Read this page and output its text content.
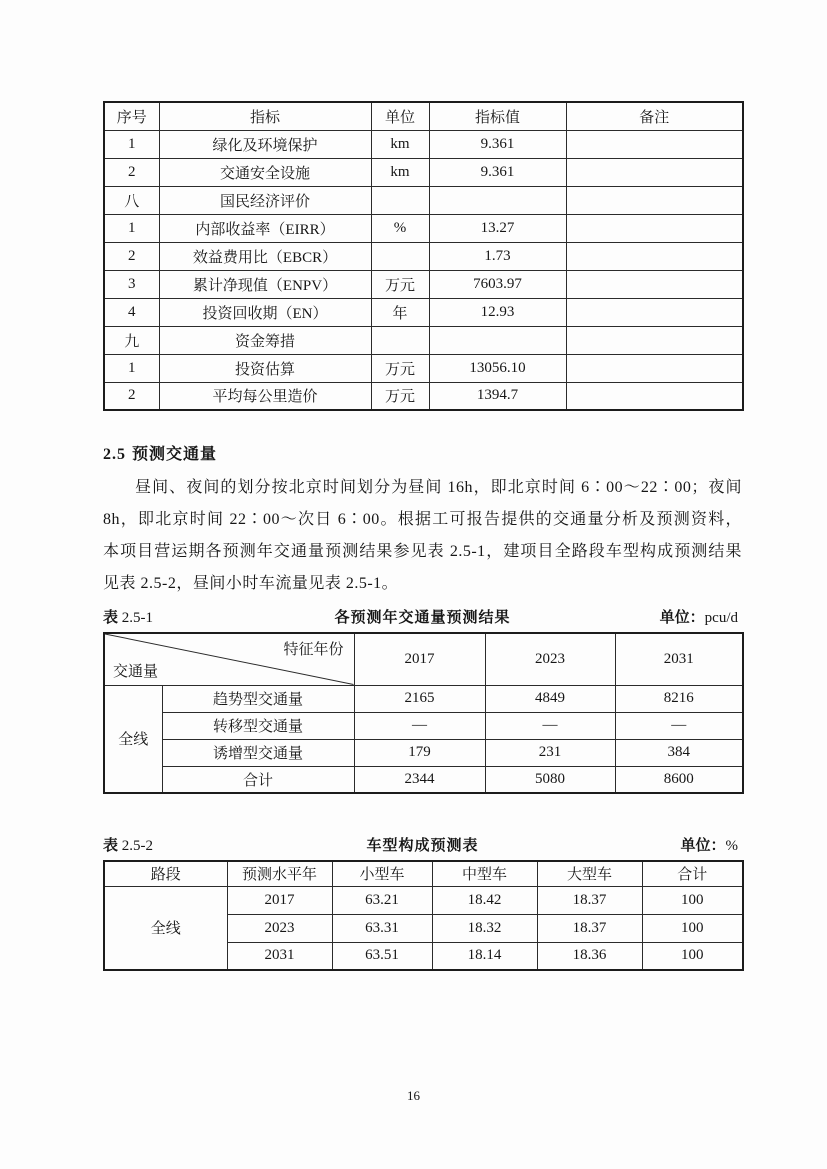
序号	指标	单位	指标值	备注
1	绿化及环境保护	km	9.361	
2	交通安全设施	km	9.361	
八	国民经济评价			
1	内部收益率（EIRR）	%	13.27	
2	效益费用比（EBCR）		1.73	
3	累计净现值（ENPV）	万元	7603.97	
4	投资回收期（EN）	年	12.93	
九	资金筹措			
1	投资估算	万元	13056.10	
2	平均每公里造价	万元	1394.7	
2.5 预测交通量
昼间、夜间的划分按北京时间划分为昼间 16h，即北京时间 6∶00～22∶00；夜间
8h，即北京时间 22∶00～次日 6∶00。根据工可报告提供的交通量分析及预测资料，
本项目营运期各预测年交通量预测结果参见表 2.5-1，建项目全路段车型构成预测结果
见表 2.5-2，昼间小时车流量见表 2.5-1。
表 2.5-1	各预测年交通量预测结果	单位：pcu/d
特征年份
交通量		2017	2023	2031
全线	趋势型交通量	2165	4849	8216
	转移型交通量	—	—	—
	诱增型交通量	179	231	384
	合计	2344	5080	8600
表 2.5-2	车型构成预测表	单位：%
路段	预测水平年	小型车	中型车	大型车	合计
全线	2017	63.21	18.42	18.37	100
	2023	63.31	18.32	18.37	100
	2031	63.51	18.14	18.36	100
16
